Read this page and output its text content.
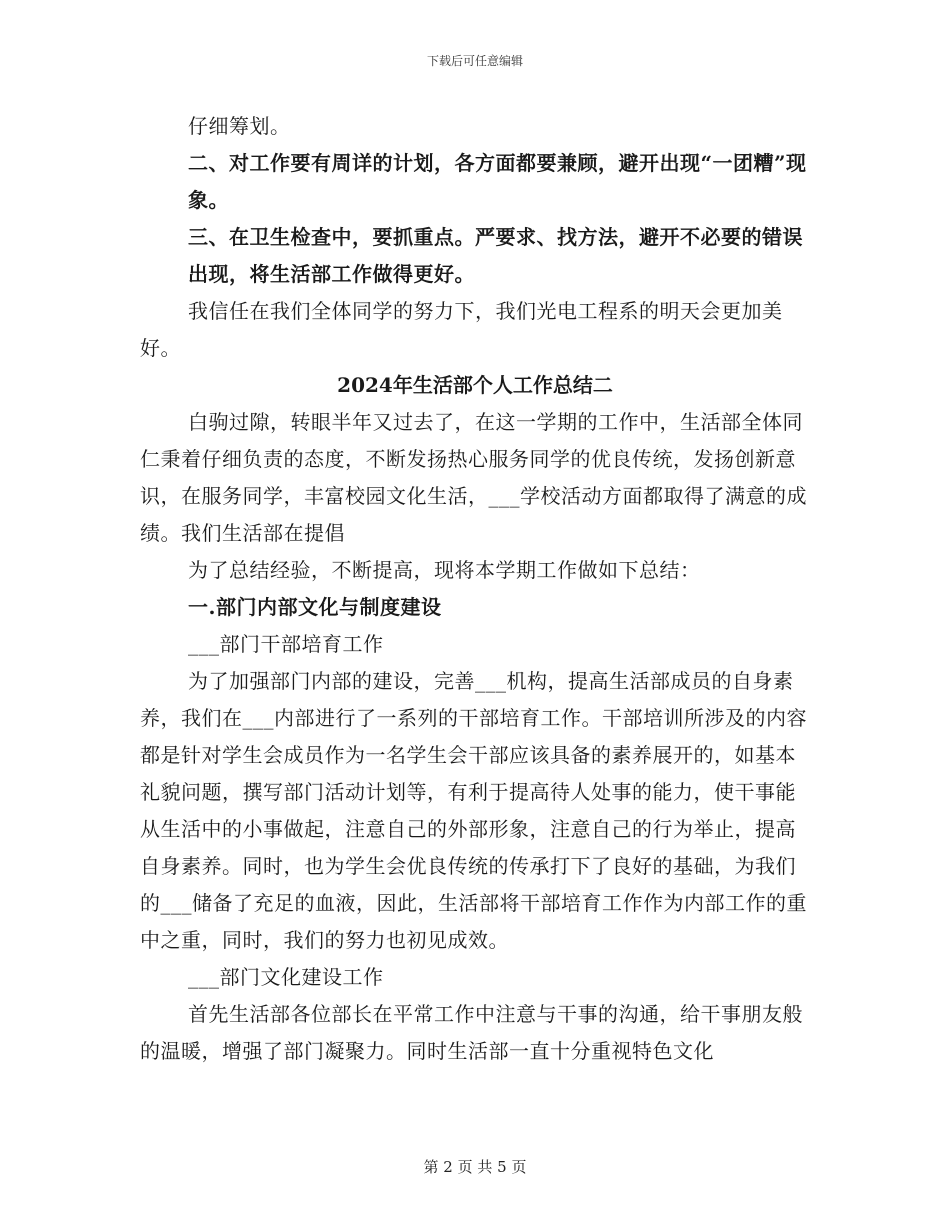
下载后可任意编辑

仔细筹划。

二、对工作要有周详的计划，各方面都要兼顾，避开出现“一团糟”现象。

三、在卫生检查中，要抓重点。严要求、找方法，避开不必要的错误出现，将生活部工作做得更好。

我信任在我们全体同学的努力下，我们光电工程系的明天会更加美好。

2024年生活部个人工作总结二

白驹过隙，转眼半年又过去了，在这一学期的工作中，生活部全体同仁秉着仔细负责的态度，不断发扬热心服务同学的优良传统，发扬创新意识，在服务同学，丰富校园文化生活，___学校活动方面都取得了满意的成绩。我们生活部在提倡

为了总结经验，不断提高，现将本学期工作做如下总结：

一.部门内部文化与制度建设

___部门干部培育工作

为了加强部门内部的建设，完善___机构，提高生活部成员的自身素养，我们在___内部进行了一系列的干部培育工作。干部培训所涉及的内容都是针对学生会成员作为一名学生会干部应该具备的素养展开的，如基本礼貌问题，撰写部门活动计划等，有利于提高待人处事的能力，使干事能从生活中的小事做起，注意自己的外部形象，注意自己的行为举止，提高自身素养。同时，也为学生会优良传统的传承打下了良好的基础，为我们的___储备了充足的血液，因此，生活部将干部培育工作作为内部工作的重中之重，同时，我们的努力也初见成效。

___部门文化建设工作

首先生活部各位部长在平常工作中注意与干事的沟通，给干事朋友般的温暖，增强了部门凝聚力。同时生活部一直十分重视特色文化

第 2 页 共 5 页
